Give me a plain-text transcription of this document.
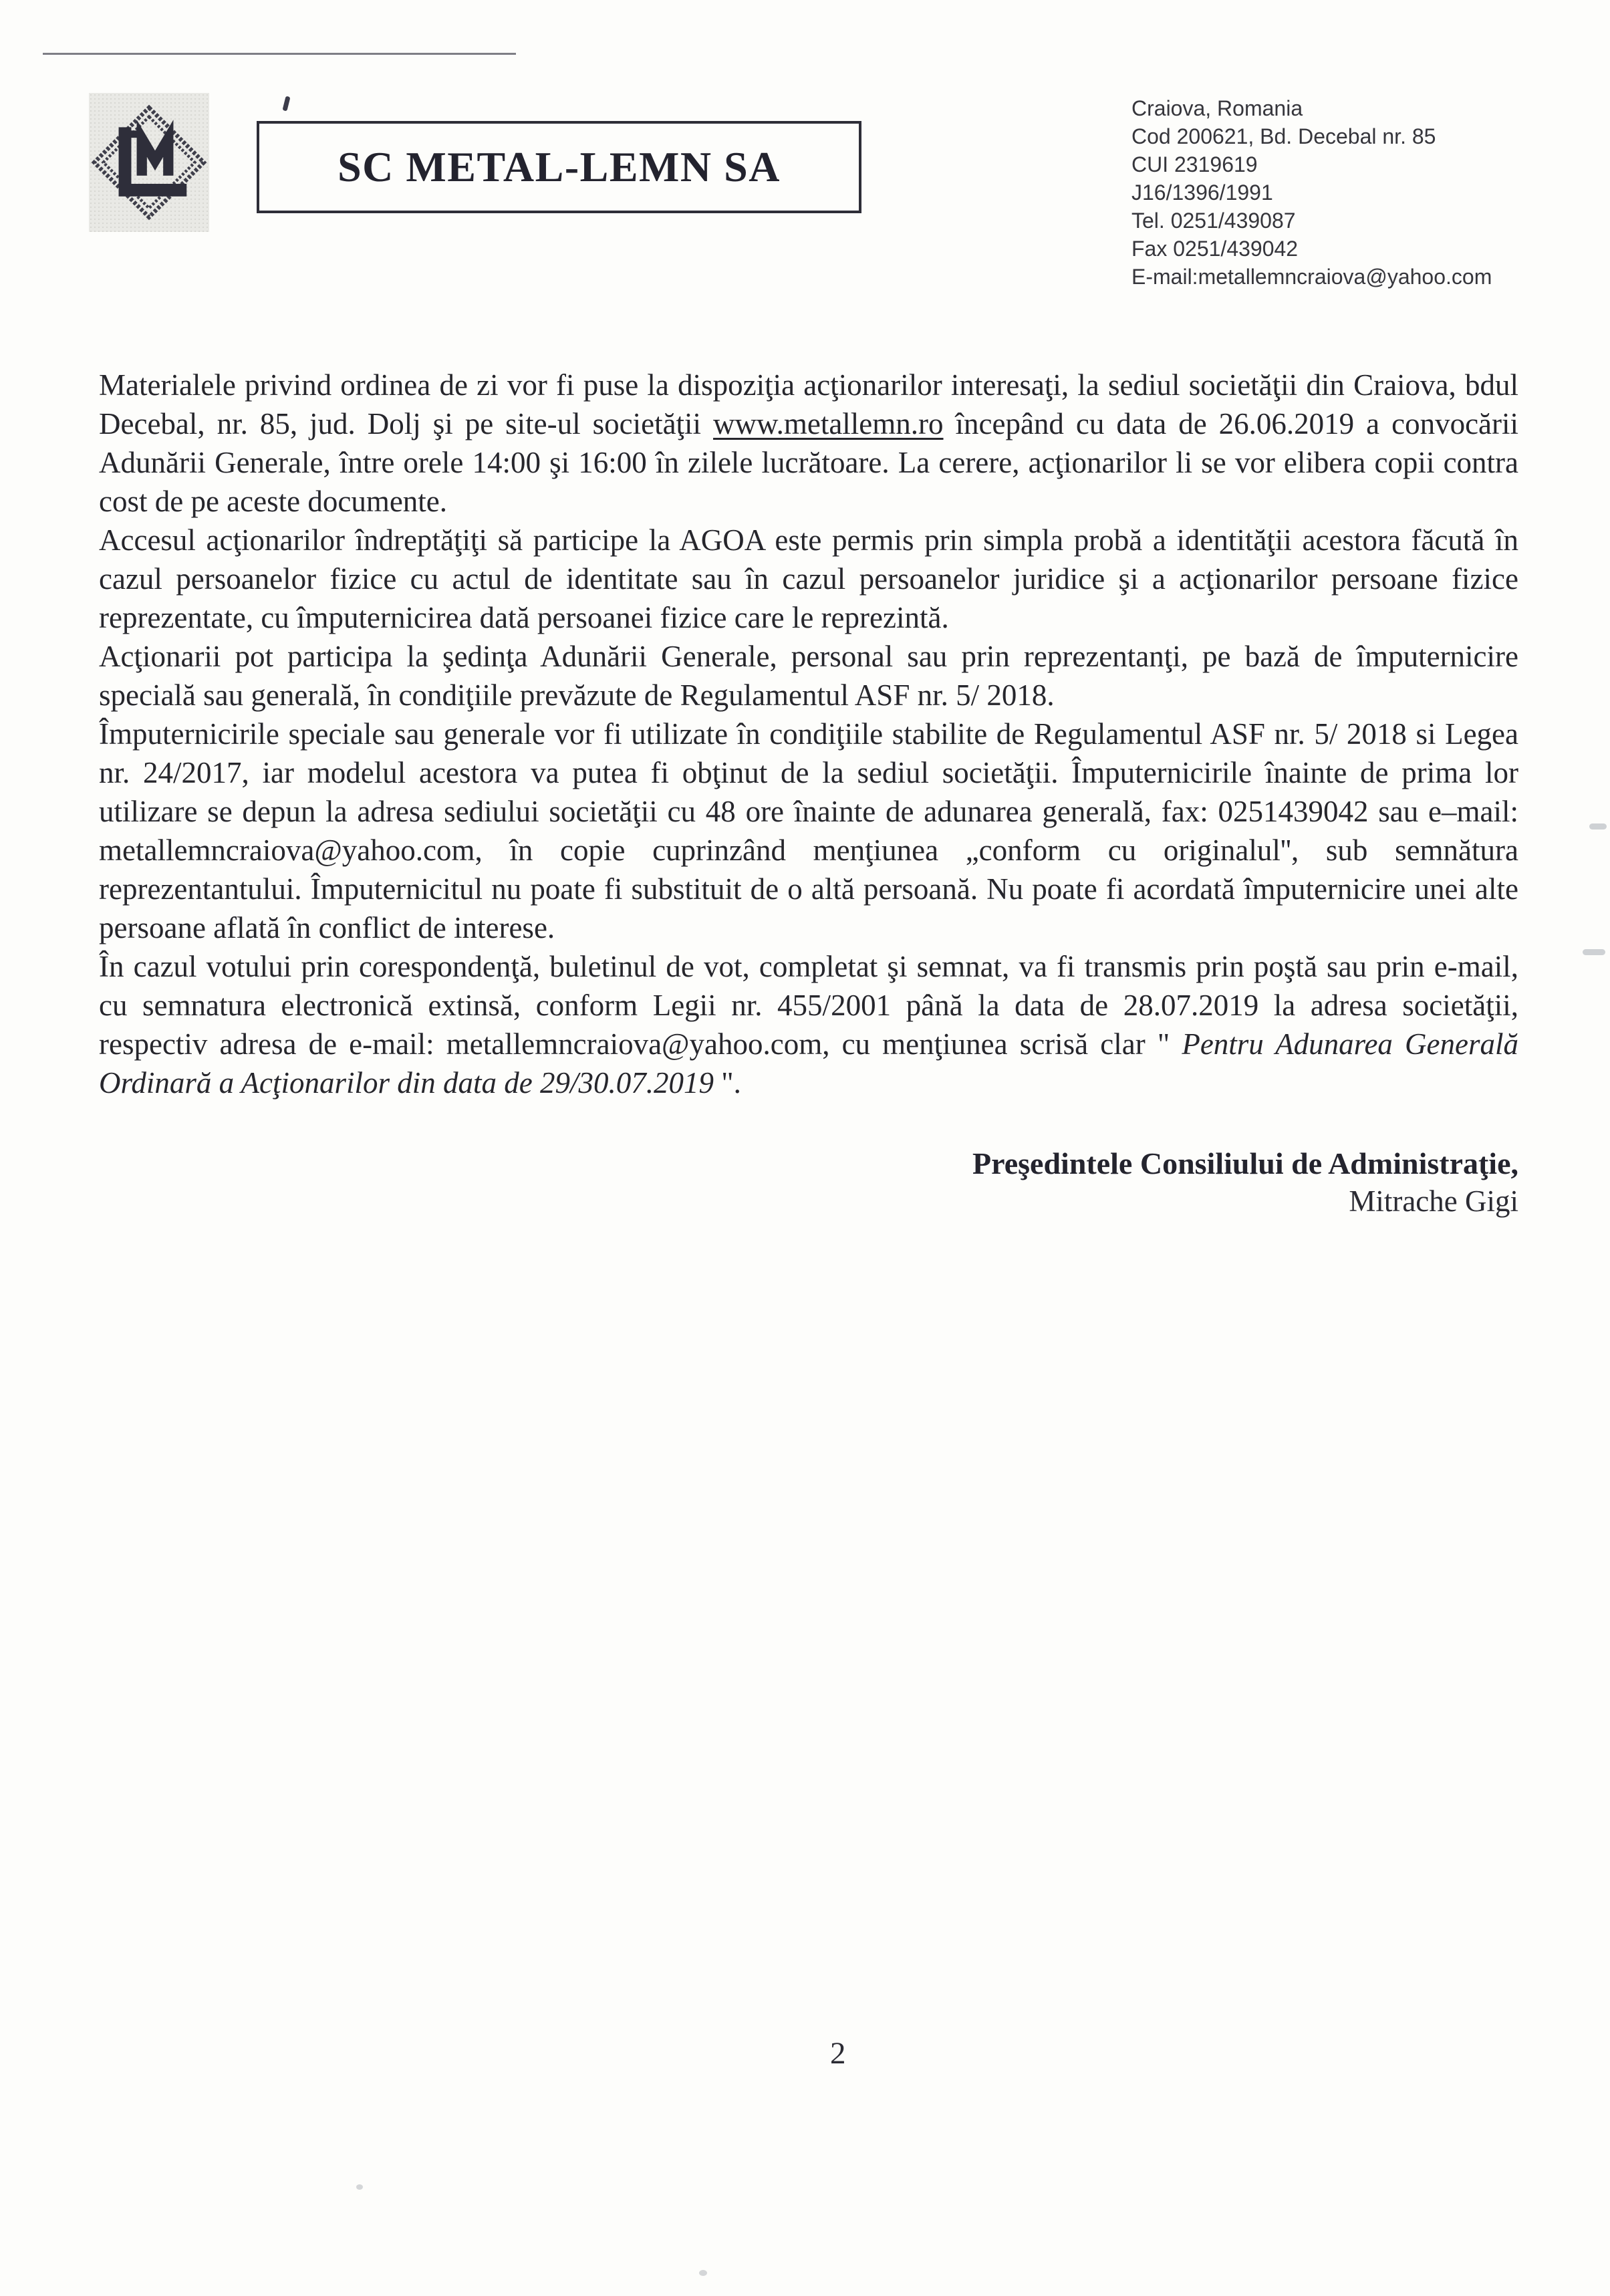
SC METAL-LEMN SA
Craiova, Romania
Cod 200621, Bd. Decebal nr. 85
CUI 2319619
J16/1396/1991
Tel. 0251/439087
Fax 0251/439042
E-mail:metallemncraiova@yahoo.com

Materialele privind ordinea de zi vor fi puse la dispoziţia acţionarilor interesaţi, la sediul societăţii din Craiova, bdul Decebal, nr. 85, jud. Dolj şi pe site-ul societăţii www.metallemn.ro începând cu data de 26.06.2019 a convocării Adunării Generale, între orele 14:00 şi 16:00 în zilele lucrătoare. La cerere, acţionarilor li se vor elibera copii contra cost de pe aceste documente.

Accesul acţionarilor îndreptăţiţi să participe la AGOA este permis prin simpla probă a identităţii acestora făcută în cazul persoanelor fizice cu actul de identitate sau în cazul persoanelor juridice şi a acţionarilor persoane fizice reprezentate, cu împuternicirea dată persoanei fizice care le reprezintă.

Acţionarii pot participa la şedinţa Adunării Generale, personal sau prin reprezentanţi, pe bază de împuternicire specială sau generală, în condiţiile prevăzute de Regulamentul ASF nr. 5/ 2018.

Împuternicirile speciale sau generale vor fi utilizate în condiţiile stabilite de Regulamentul ASF nr. 5/ 2018 si Legea nr. 24/2017, iar modelul acestora va putea fi obţinut de la sediul societăţii. Împuternicirile înainte de prima lor utilizare se depun la adresa sediului societăţii cu 48 ore înainte de adunarea generală, fax: 0251439042 sau e–mail: metallemncraiova@yahoo.com, în copie cuprinzând menţiunea „conform cu originalul'', sub semnătura reprezentantului. Împuternicitul nu poate fi substituit de o altă persoană. Nu poate fi acordată împuternicire unei alte persoane aflată în conflict de interese.

În cazul votului prin corespondenţă, buletinul de vot, completat şi semnat, va fi transmis prin poştă sau prin e-mail, cu semnatura electronică extinsă, conform Legii nr. 455/2001 până la data de 28.07.2019 la adresa societăţii, respectiv adresa de e-mail: metallemncraiova@yahoo.com, cu menţiunea scrisă clar " Pentru Adunarea Generală Ordinară a Acţionarilor din data de 29/30.07.2019 ".

Preşedintele Consiliului de Administraţie,
Mitrache Gigi
2
